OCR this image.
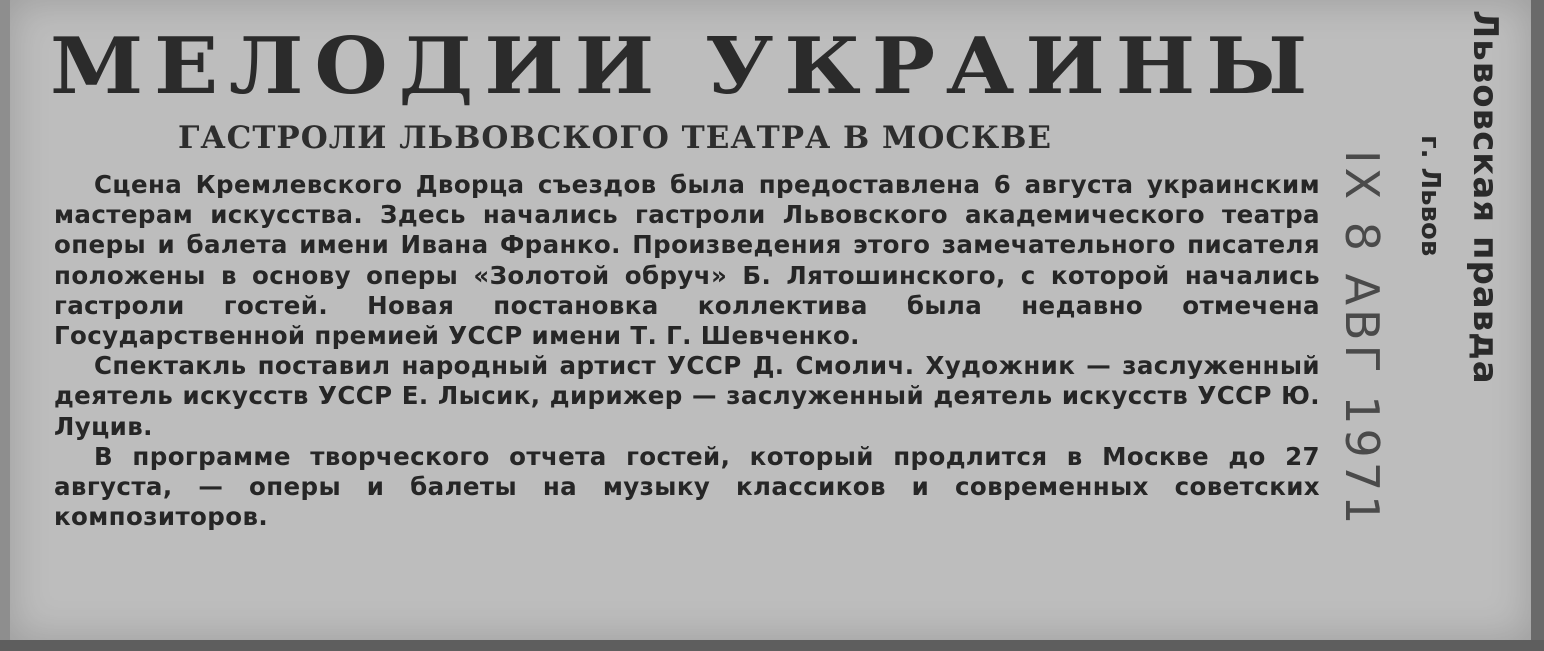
МЕЛОДИИ УКРАИНЫ
ГАСТРОЛИ ЛЬВОВСКОГО ТЕАТРА В МОСКВЕ

Сцена Кремлевского Дворца съездов была предоставлена 6 августа украинским мастерам искусства. Здесь начались гастроли Львовского академического театра оперы и балета имени Ивана Франко. Произведения этого замечательного писателя положены в основу оперы «Золотой обруч» Б. Лятошинского, с которой начались гастроли гостей. Новая постановка коллектива была недавно отмечена Государственной премией УССР имени Т. Г. Шевченко.

Спектакль поставил народный артист УССР Д. Смолич. Художник — заслуженный деятель искусств УССР Е. Лысик, дирижер — заслуженный деятель искусств УССР Ю. Луцив.

В программе творческого отчета гостей, который продлится в Москве до 27 августа, — оперы и балеты на музыку классиков и современных советских композиторов.	IX 8 АВГ 1971 Львовская правда
г. Львов
